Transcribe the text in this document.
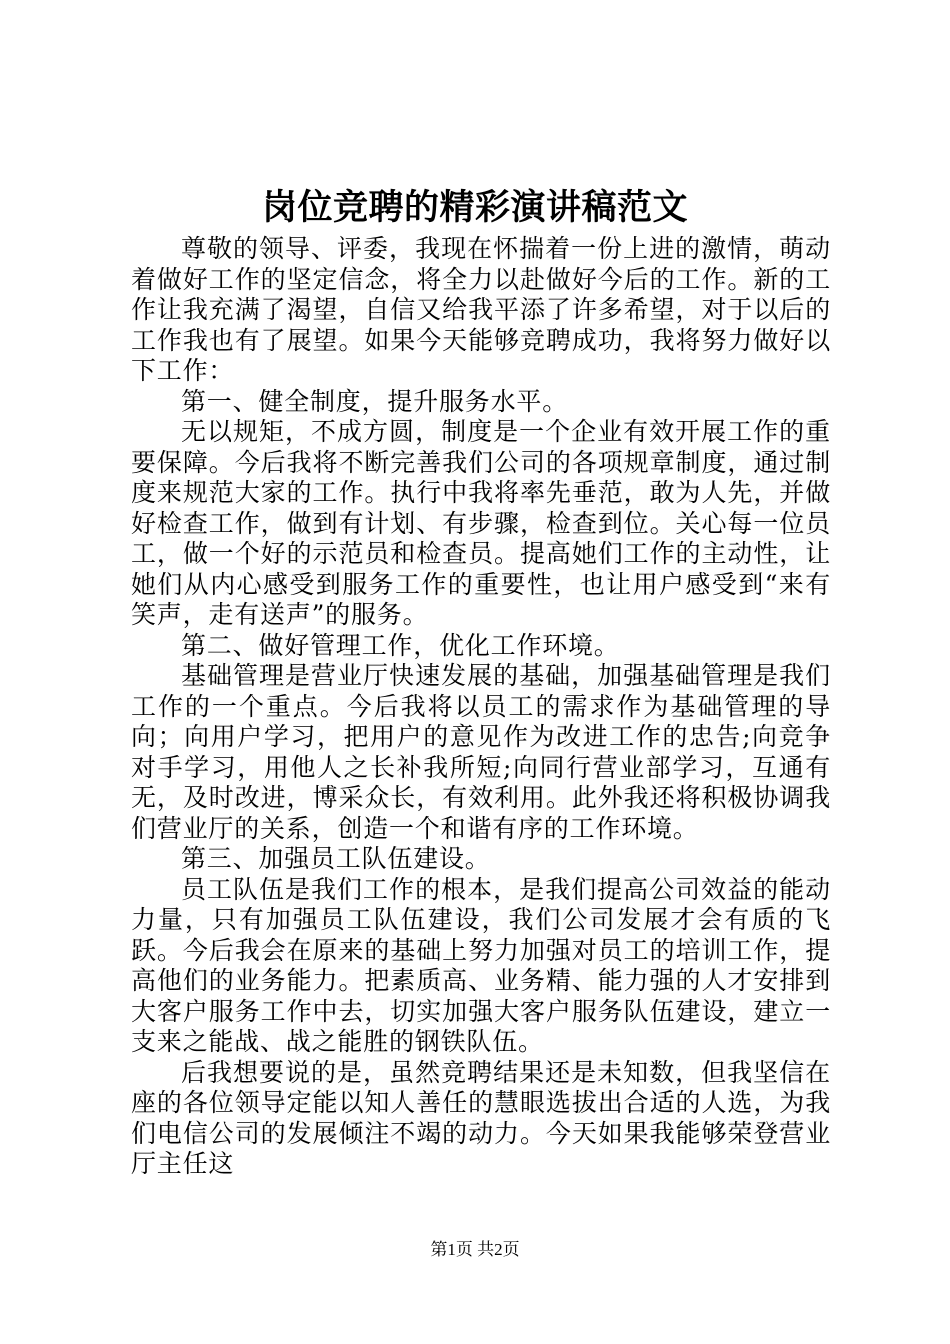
岗位竞聘的精彩演讲稿范文

尊敬的领导、评委，我现在怀揣着一份上进的激情，萌动着做好工作的坚定信念，将全力以赴做好今后的工作。新的工作让我充满了渴望，自信又给我平添了许多希望，对于以后的工作我也有了展望。如果今天能够竞聘成功，我将努力做好以下工作：

第一、健全制度，提升服务水平。

无以规矩，不成方圆，制度是一个企业有效开展工作的重要保障。今后我将不断完善我们公司的各项规章制度，通过制度来规范大家的工作。执行中我将率先垂范，敢为人先，并做好检查工作，做到有计划、有步骤，检查到位。关心每一位员工，做一个好的示范员和检查员。提高她们工作的主动性，让她们从内心感受到服务工作的重要性，也让用户感受到“来有笑声，走有送声”的服务。

第二、做好管理工作，优化工作环境。

基础管理是营业厅快速发展的基础，加强基础管理是我们工作的一个重点。今后我将以员工的需求作为基础管理的导向；向用户学习，把用户的意见作为改进工作的忠告;向竞争对手学习，用他人之长补我所短;向同行营业部学习，互通有无，及时改进，博采众长，有效利用。此外我还将积极协调我们营业厅的关系，创造一个和谐有序的工作环境。

第三、加强员工队伍建设。

员工队伍是我们工作的根本，是我们提高公司效益的能动力量，只有加强员工队伍建设，我们公司发展才会有质的飞跃。今后我会在原来的基础上努力加强对员工的培训工作，提高他们的业务能力。把素质高、业务精、能力强的人才安排到大客户服务工作中去，切实加强大客户服务队伍建设，建立一支来之能战、战之能胜的钢铁队伍。

后我想要说的是，虽然竞聘结果还是未知数，但我坚信在座的各位领导定能以知人善任的慧眼选拔出合适的人选，为我们电信公司的发展倾注不竭的动力。今天如果我能够荣登营业厅主任这

第1页 共2页
